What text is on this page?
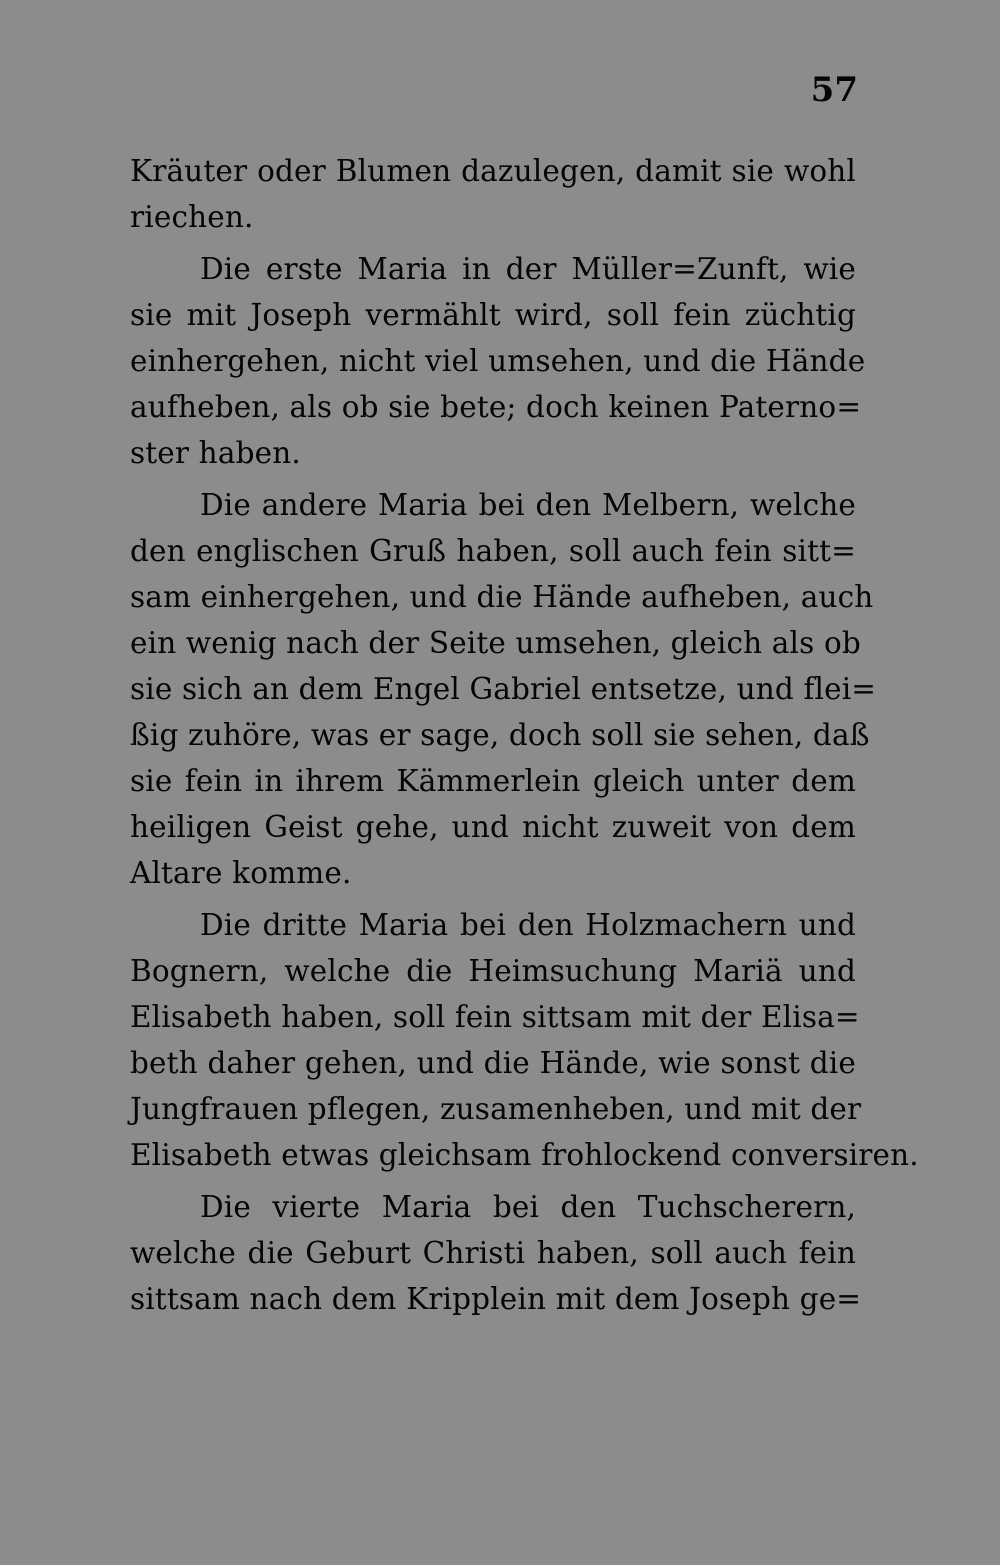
57
Kräuter oder Blumen dazulegen, damit sie wohl
riechen.
Die erste Maria in der Müller=Zunft, wie
sie mit Joseph vermählt wird, soll fein züchtig
einhergehen, nicht viel umsehen, und die Hände
aufheben, als ob sie bete; doch keinen Paterno=
ster haben.
Die andere Maria bei den Melbern, welche
den englischen Gruß haben, soll auch fein sitt=
sam einhergehen, und die Hände aufheben, auch
ein wenig nach der Seite umsehen, gleich als ob
sie sich an dem Engel Gabriel entsetze, und flei=
ßig zuhöre, was er sage, doch soll sie sehen, daß
sie fein in ihrem Kämmerlein gleich unter dem
heiligen Geist gehe, und nicht zuweit von dem
Altare komme.
Die dritte Maria bei den Holzmachern und
Bognern, welche die Heimsuchung Mariä und
Elisabeth haben, soll fein sittsam mit der Elisa=
beth daher gehen, und die Hände, wie sonst die
Jungfrauen pflegen, zusamenheben, und mit der
Elisabeth etwas gleichsam frohlockend conversiren.
Die vierte Maria bei den Tuchscherern,
welche die Geburt Christi haben, soll auch fein
sittsam nach dem Kripplein mit dem Joseph ge=
